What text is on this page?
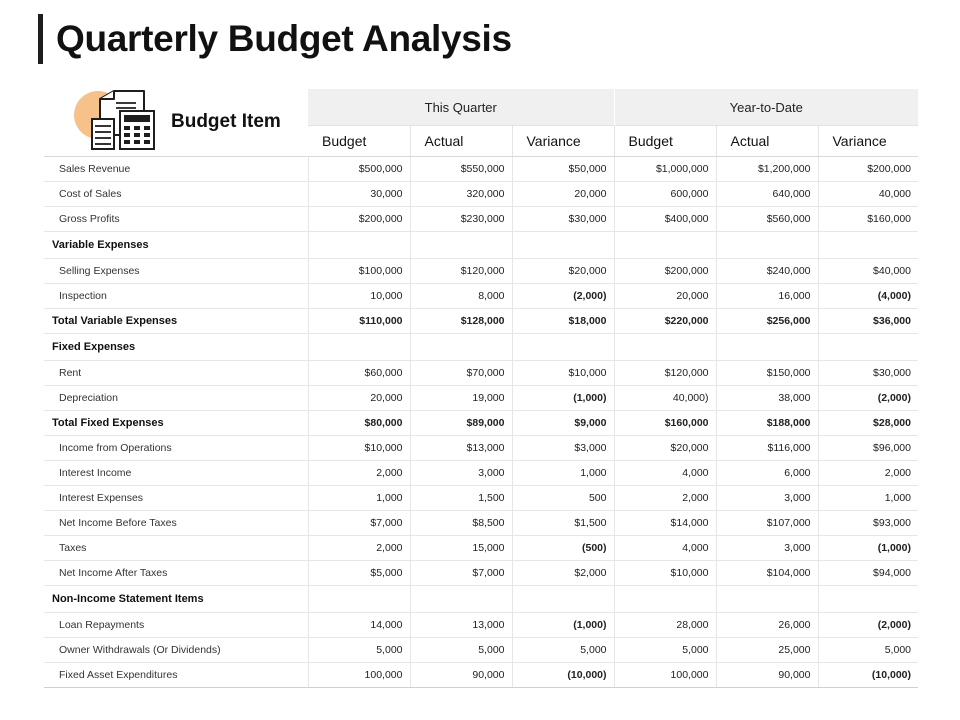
Quarterly Budget Analysis
Budget Item	This Quarter			Year-to-Date		
	Budget	Actual	Variance	Budget	Actual	Variance
Sales Revenue	$500,000	$550,000	$50,000	$1,000,000	$1,200,000	$200,000
Cost of Sales	30,000	320,000	20,000	600,000	640,000	40,000
Gross Profits	$200,000	$230,000	$30,000	$400,000	$560,000	$160,000
Variable Expenses						
Selling Expenses	$100,000	$120,000	$20,000	$200,000	$240,000	$40,000
Inspection	10,000	8,000	(2,000)	20,000	16,000	(4,000)
Total Variable Expenses	$110,000	$128,000	$18,000	$220,000	$256,000	$36,000
Fixed Expenses						
Rent	$60,000	$70,000	$10,000	$120,000	$150,000	$30,000
Depreciation	20,000	19,000	(1,000)	40,000)	38,000	(2,000)
Total Fixed Expenses	$80,000	$89,000	$9,000	$160,000	$188,000	$28,000
Income from Operations	$10,000	$13,000	$3,000	$20,000	$116,000	$96,000
Interest Income	2,000	3,000	1,000	4,000	6,000	2,000
Interest Expenses	1,000	1,500	500	2,000	3,000	1,000
Net Income Before Taxes	$7,000	$8,500	$1,500	$14,000	$107,000	$93,000
Taxes	2,000	15,000	(500)	4,000	3,000	(1,000)
Net Income After Taxes	$5,000	$7,000	$2,000	$10,000	$104,000	$94,000
Non-Income Statement Items						
Loan Repayments	14,000	13,000	(1,000)	28,000	26,000	(2,000)
Owner Withdrawals (Or Dividends)	5,000	5,000	5,000	5,000	25,000	5,000
Fixed Asset Expenditures	100,000	90,000	(10,000)	100,000	90,000	(10,000)
